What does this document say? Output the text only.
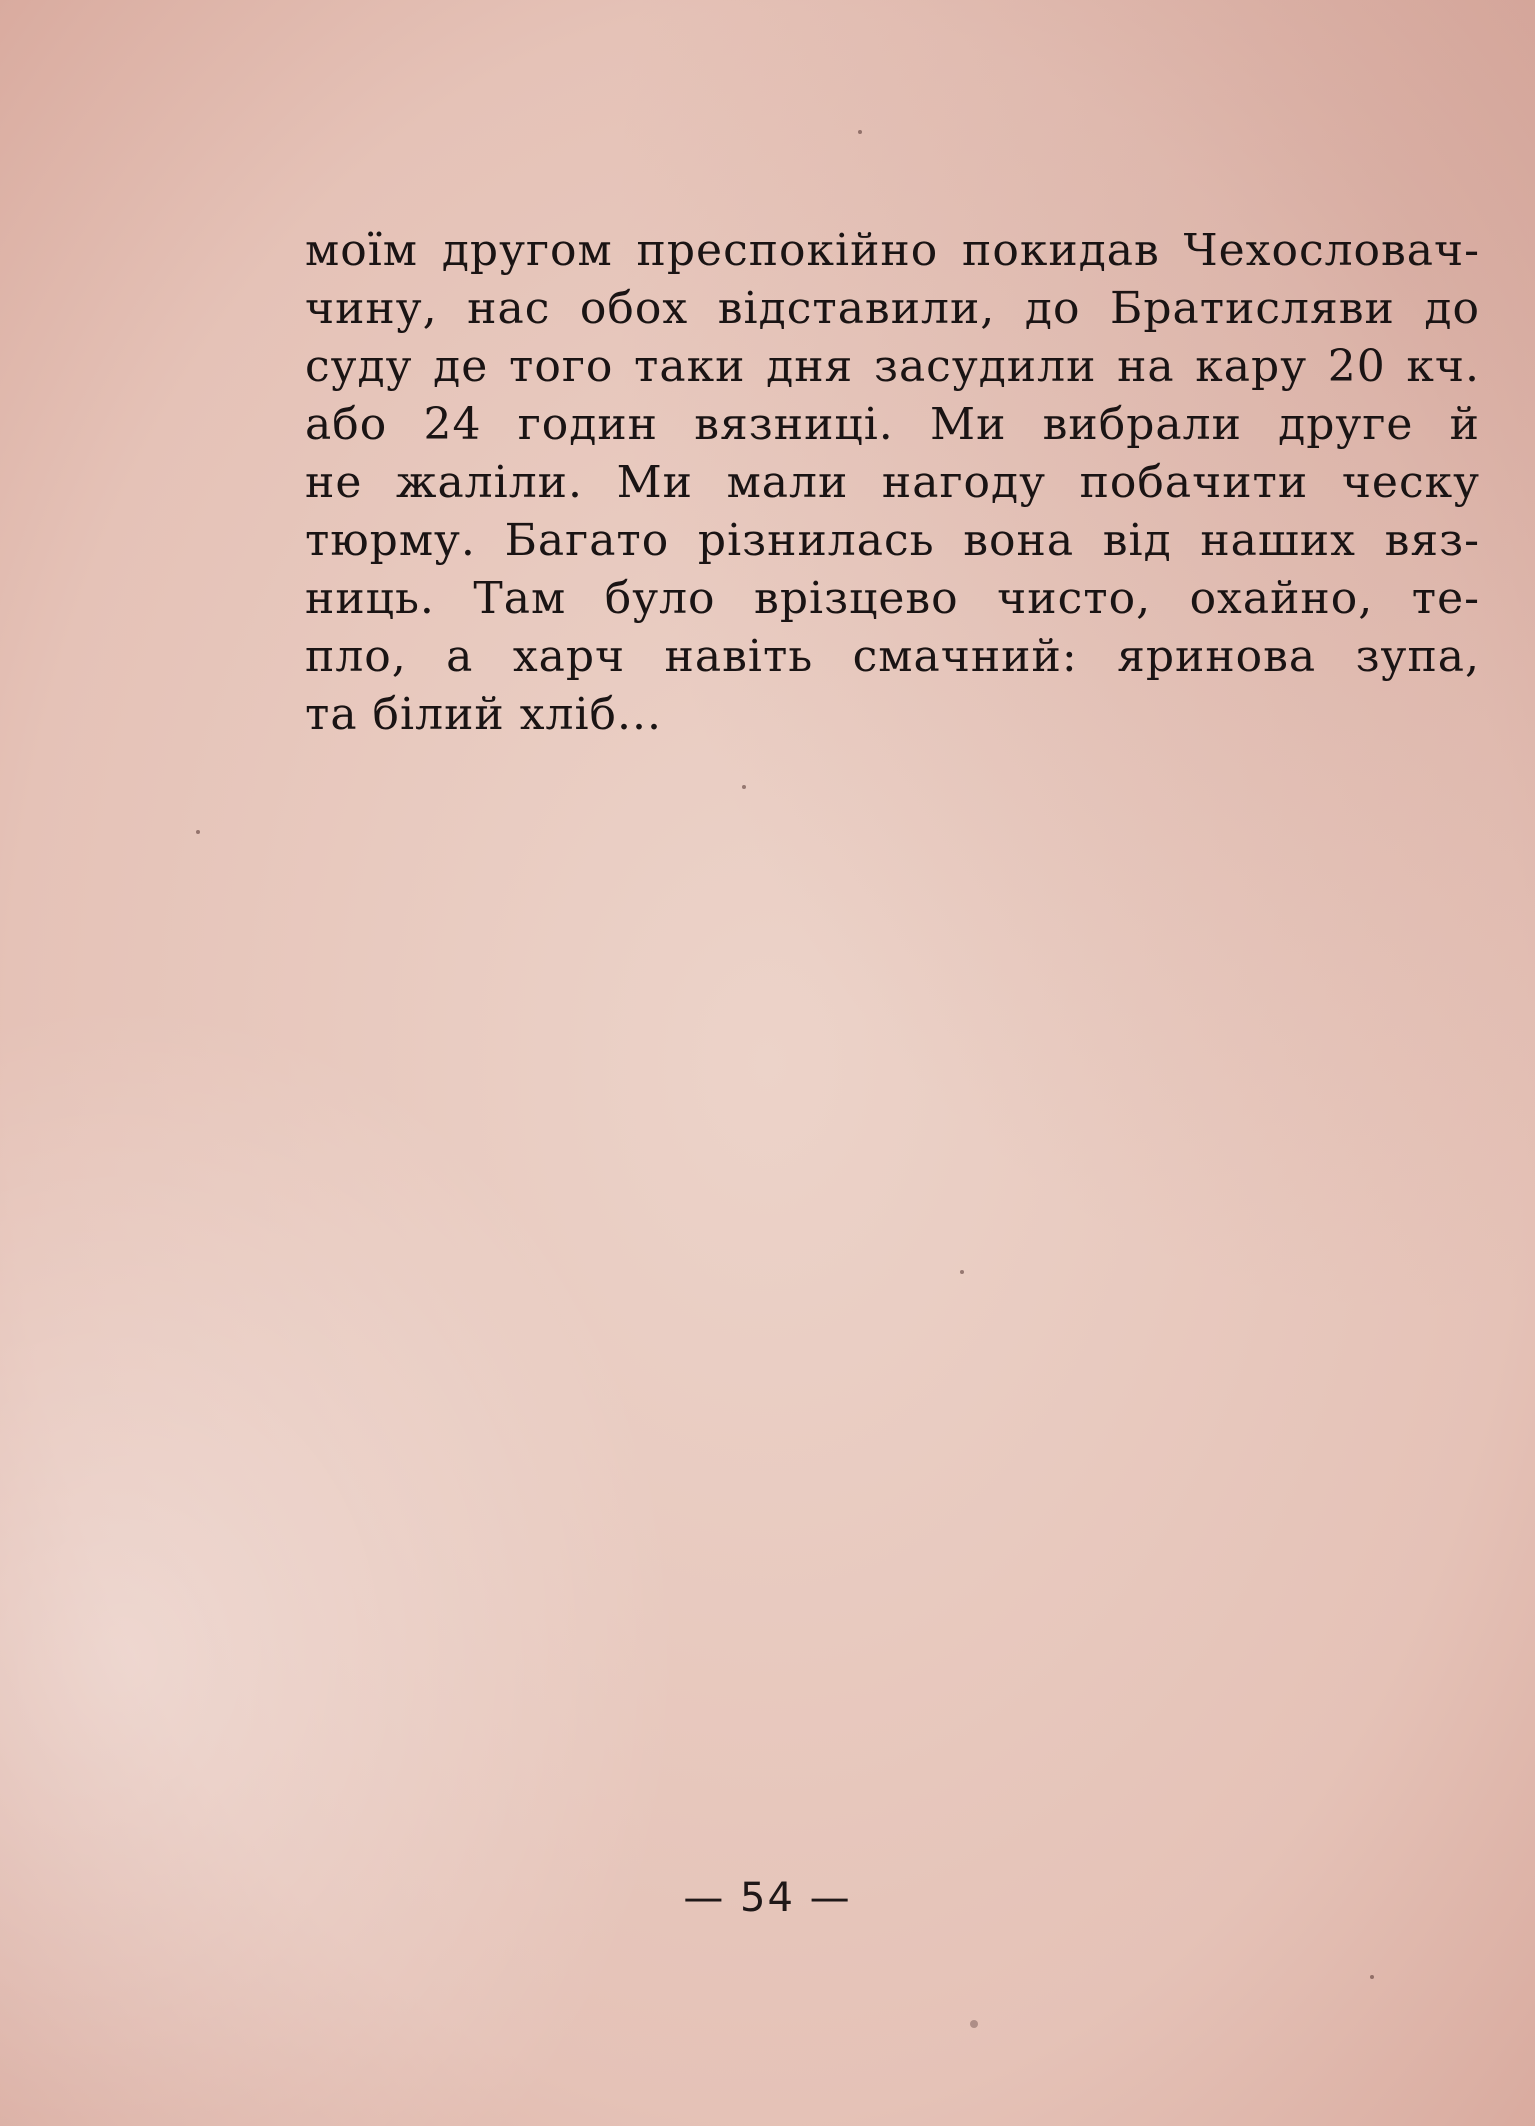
моїм другом преспокійно покидав Чехословач-
чину, нас обох відставили, до Братисляви до
суду де того таки дня засудили на кару 20 кч.
або 24 годин вязниці. Ми вибрали друге й
не жаліли. Ми мали нагоду побачити ческу
тюрму. Багато різнилась вона від наших вяз-
ниць. Там було врізцево чисто, охайно, те-
пло, а харч навіть смачний: яринова зупа,
та білий хліб...
— 54 —
